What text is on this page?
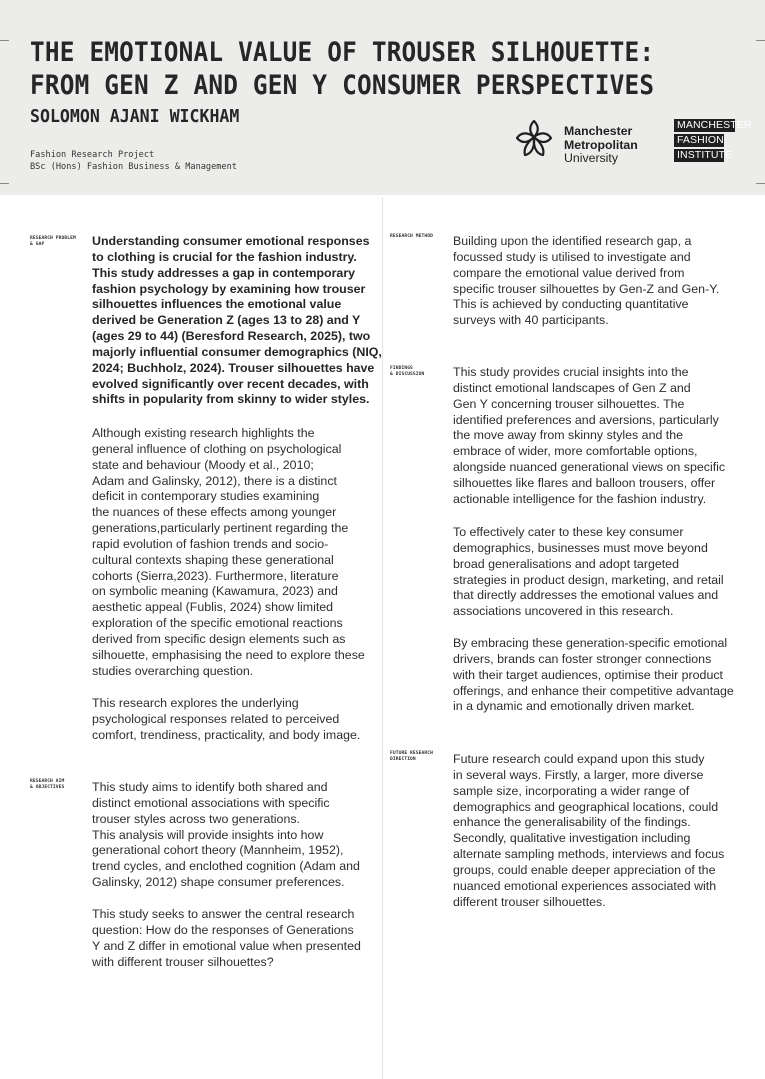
THE EMOTIONAL VALUE OF TROUSER SILHOUETTE:
FROM GEN Z AND GEN Y CONSUMER PERSPECTIVES
SOLOMON AJANI WICKHAM
Fashion Research Project
BSc (Hons) Fashion Business & Management
Manchester
Metropolitan
University
MANCHESTER
FASHION
INSTITUTE
RESEARCH PROBLEM
& GAP	Understanding consumer emotional responses
to clothing is crucial for the fashion industry.
This study addresses a gap in contemporary
fashion psychology by examining how trouser
silhouettes influences the emotional value
derived be Generation Z (ages 13 to 28) and Y
(ages 29 to 44) (Beresford Research, 2025), two
majorly influential consumer demographics (NIQ,
2024; Buchholz, 2024). Trouser silhouettes have
evolved significantly over recent decades, with
shifts in popularity from skinny to wider styles.
Although existing research highlights the
general influence of clothing on psychological
state and behaviour (Moody et al., 2010;
Adam and Galinsky, 2012), there is a distinct
deficit in contemporary studies examining
the nuances of these effects among younger
generations,particularly pertinent regarding the
rapid evolution of fashion trends and socio-
cultural contexts shaping these generational
cohorts (Sierra,2023). Furthermore, literature
on symbolic meaning (Kawamura, 2023) and
aesthetic appeal (Fublis, 2024) show limited
exploration of the specific emotional reactions
derived from specific design elements such as
silhouette, emphasising the need to explore these
studies overarching question.
This research explores the underlying
psychological responses related to perceived
comfort, trendiness, practicality, and body image.
RESEARCH AIM
& OBJECTIVES	This study aims to identify both shared and
distinct emotional associations with specific
trouser styles across two generations.
This analysis will provide insights into how
generational cohort theory (Mannheim, 1952),
trend cycles, and enclothed cognition (Adam and
Galinsky, 2012) shape consumer preferences.
This study seeks to answer the central research
question: How do the responses of Generations
Y and Z differ in emotional value when presented
with different trouser silhouettes?
RESEARCH METHOD	Building upon the identified research gap, a
focussed study is utilised to investigate and
compare the emotional value derived from
specific trouser silhouettes by Gen-Z and Gen-Y.
This is achieved by conducting quantitative
surveys with 40 participants.
FINDINGS
& DISCUSSION	This study provides crucial insights into the
distinct emotional landscapes of Gen Z and
Gen Y concerning trouser silhouettes. The
identified preferences and aversions, particularly
the move away from skinny styles and the
embrace of wider, more comfortable options,
alongside nuanced generational views on specific
silhouettes like flares and balloon trousers, offer
actionable intelligence for the fashion industry.
To effectively cater to these key consumer
demographics, businesses must move beyond
broad generalisations and adopt targeted
strategies in product design, marketing, and retail
that directly addresses the emotional values and
associations uncovered in this research.
By embracing these generation-specific emotional
drivers, brands can foster stronger connections
with their target audiences, optimise their product
offerings, and enhance their competitive advantage
in a dynamic and emotionally driven market.
FUTURE RESEARCH
DIRECTION	Future research could expand upon this study
in several ways. Firstly, a larger, more diverse
sample size, incorporating a wider range of
demographics and geographical locations, could
enhance the generalisability of the findings.
Secondly, qualitative investigation including
alternate sampling methods, interviews and focus
groups, could enable deeper appreciation of the
nuanced emotional experiences associated with
different trouser silhouettes.
